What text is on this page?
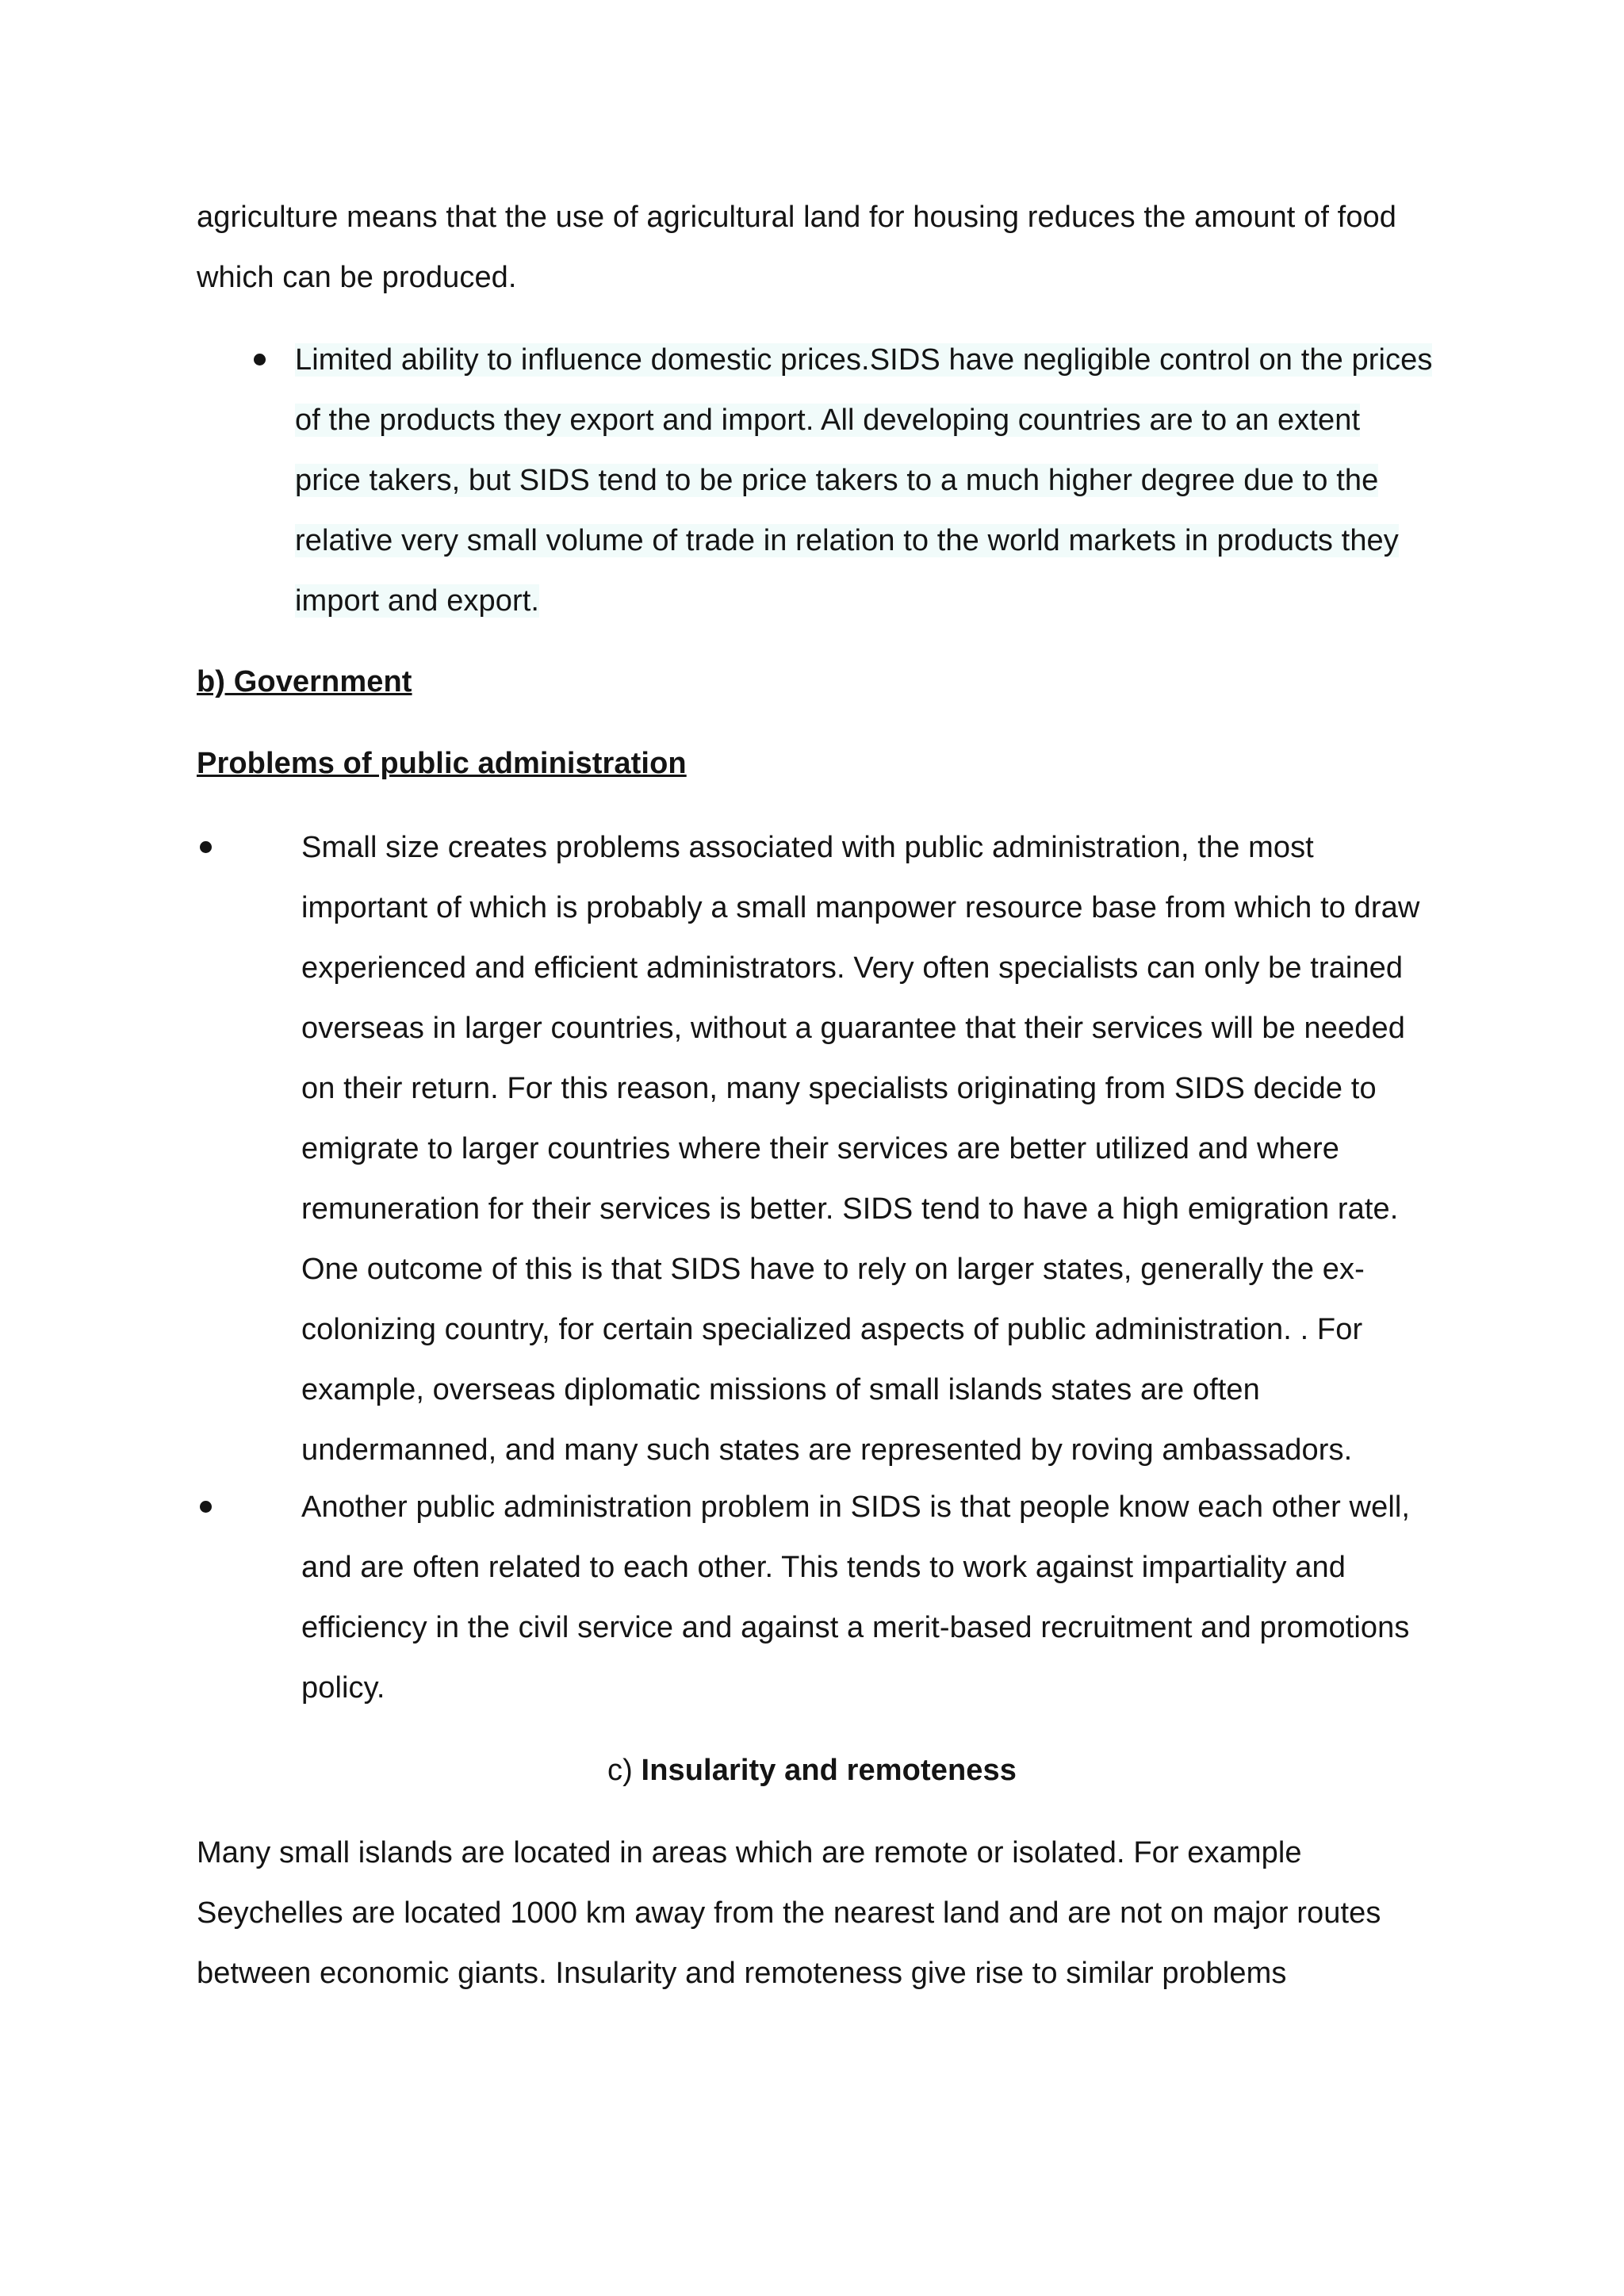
agriculture means that the use of agricultural land for housing reduces the amount of food
which can be produced.
Limited ability to influence domestic prices.SIDS have negligible control on the prices
of the products they export and import. All developing countries are to an extent
price takers, but SIDS tend to be price takers to a much higher degree due to the
relative very small volume of trade in relation to the world markets in products they
import and export.
b) Government
Problems of public administration
Small size creates problems associated with public administration, the most
important of which is probably a small manpower resource base from which to draw
experienced and efficient administrators. Very often specialists can only be trained
overseas in larger countries, without a guarantee that their services will be needed
on their return. For this reason, many specialists originating from SIDS decide to
emigrate to larger countries where their services are better utilized and where
remuneration for their services is better. SIDS tend to have a high emigration rate.
One outcome of this is that SIDS have to rely on larger states, generally the ex-
colonizing country, for certain specialized aspects of public administration. . For
example, overseas diplomatic missions of small islands states are often
undermanned, and many such states are represented by roving ambassadors.
Another public administration problem in SIDS is that people know each other well,
and are often related to each other. This tends to work against impartiality and
efficiency in the civil service and against a merit-based recruitment and promotions
policy.
c) Insularity and remoteness
Many small islands are located in areas which are remote or isolated. For example
Seychelles are located 1000 km away from the nearest land and are not on major routes
between economic giants. Insularity and remoteness give rise to similar problems
